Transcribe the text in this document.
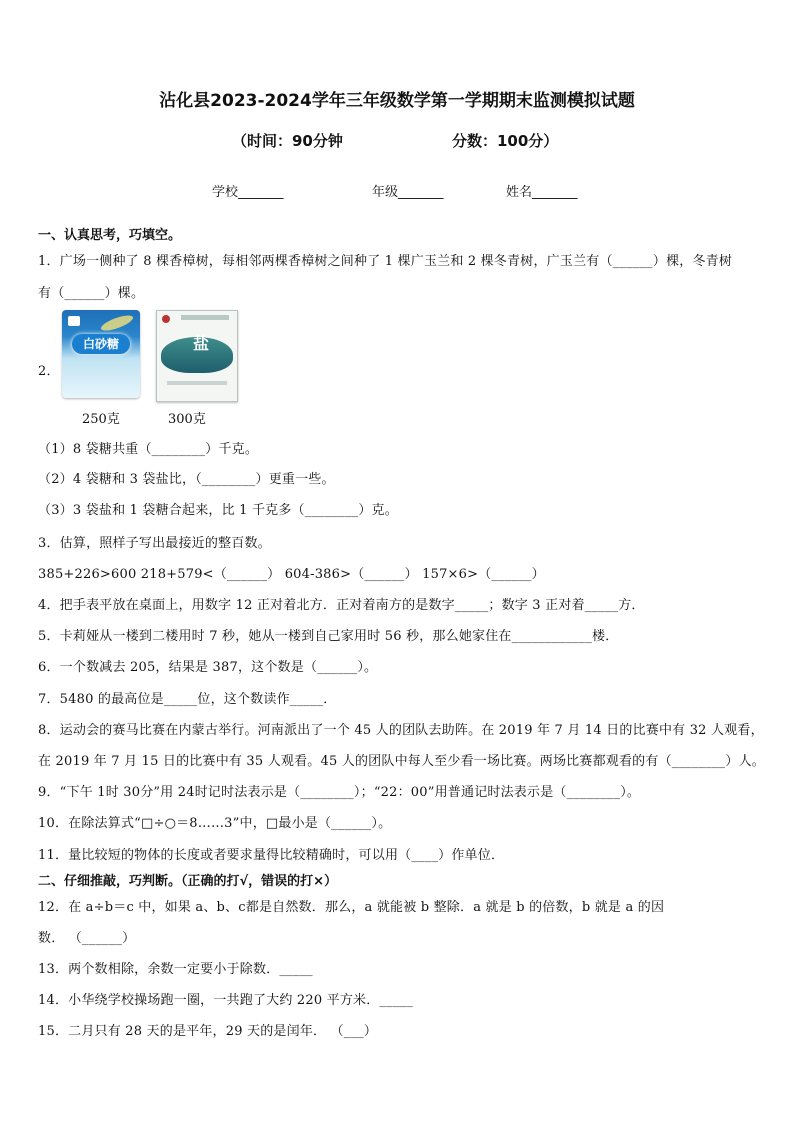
沾化县2023-2024学年三年级数学第一学期期末监测模拟试题
（时间：90分钟	分数：100分）
学校_______	年级_______	姓名_______
一、认真思考，巧填空。
1．广场一侧种了 8 棵香樟树，每相邻两棵香樟树之间种了 1 棵广玉兰和 2 棵冬青树，广玉兰有（______）棵，冬青树
有（______）棵。
2．
白砂糖	盐
250克	300克
（1）8 袋糖共重（________）千克。
（2）4 袋糖和 3 袋盐比，（________）更重一些。
（3）3 袋盐和 1 袋糖合起来，比 1 千克多（________）克。
3．估算，照样子写出最接近的整百数。
385+226>600 218+579<（______） 604-386>（______） 157×6>（______）
4．把手表平放在桌面上，用数字 12 正对着北方．正对着南方的是数字_____；数字 3 正对着_____方．
5．卡莉娅从一楼到二楼用时 7 秒，她从一楼到自己家用时 56 秒，那么她家住在____________楼．
6．一个数减去 205，结果是 387，这个数是（______）。
7．5480 的最高位是_____位，这个数读作_____．
8．运动会的赛马比赛在内蒙古举行。河南派出了一个 45 人的团队去助阵。在 2019 年 7 月 14 日的比赛中有 32 人观看，
在 2019 年 7 月 15 日的比赛中有 35 人观看。45 人的团队中每人至少看一场比赛。两场比赛都观看的有（________）人。
9．“下午 1时 30分”用 24时记时法表示是（________）；“22：00”用普通记时法表示是（________）。
10．在除法算式“□÷○＝8……3”中，□最小是（______）。
11．量比较短的物体的长度或者要求量得比较精确时，可以用（____）作单位．
二、仔细推敲，巧判断。（正确的打√，错误的打×）
12．在 a÷b＝c 中，如果 a、b、c都是自然数．那么，a 就能被 b 整除．a 就是 b 的倍数，b 就是 a 的因
数． （______）
13．两个数相除，余数一定要小于除数．_____
14．小华绕学校操场跑一圈，一共跑了大约 220 平方米．_____
15．二月只有 28 天的是平年，29 天的是闰年． （___）
